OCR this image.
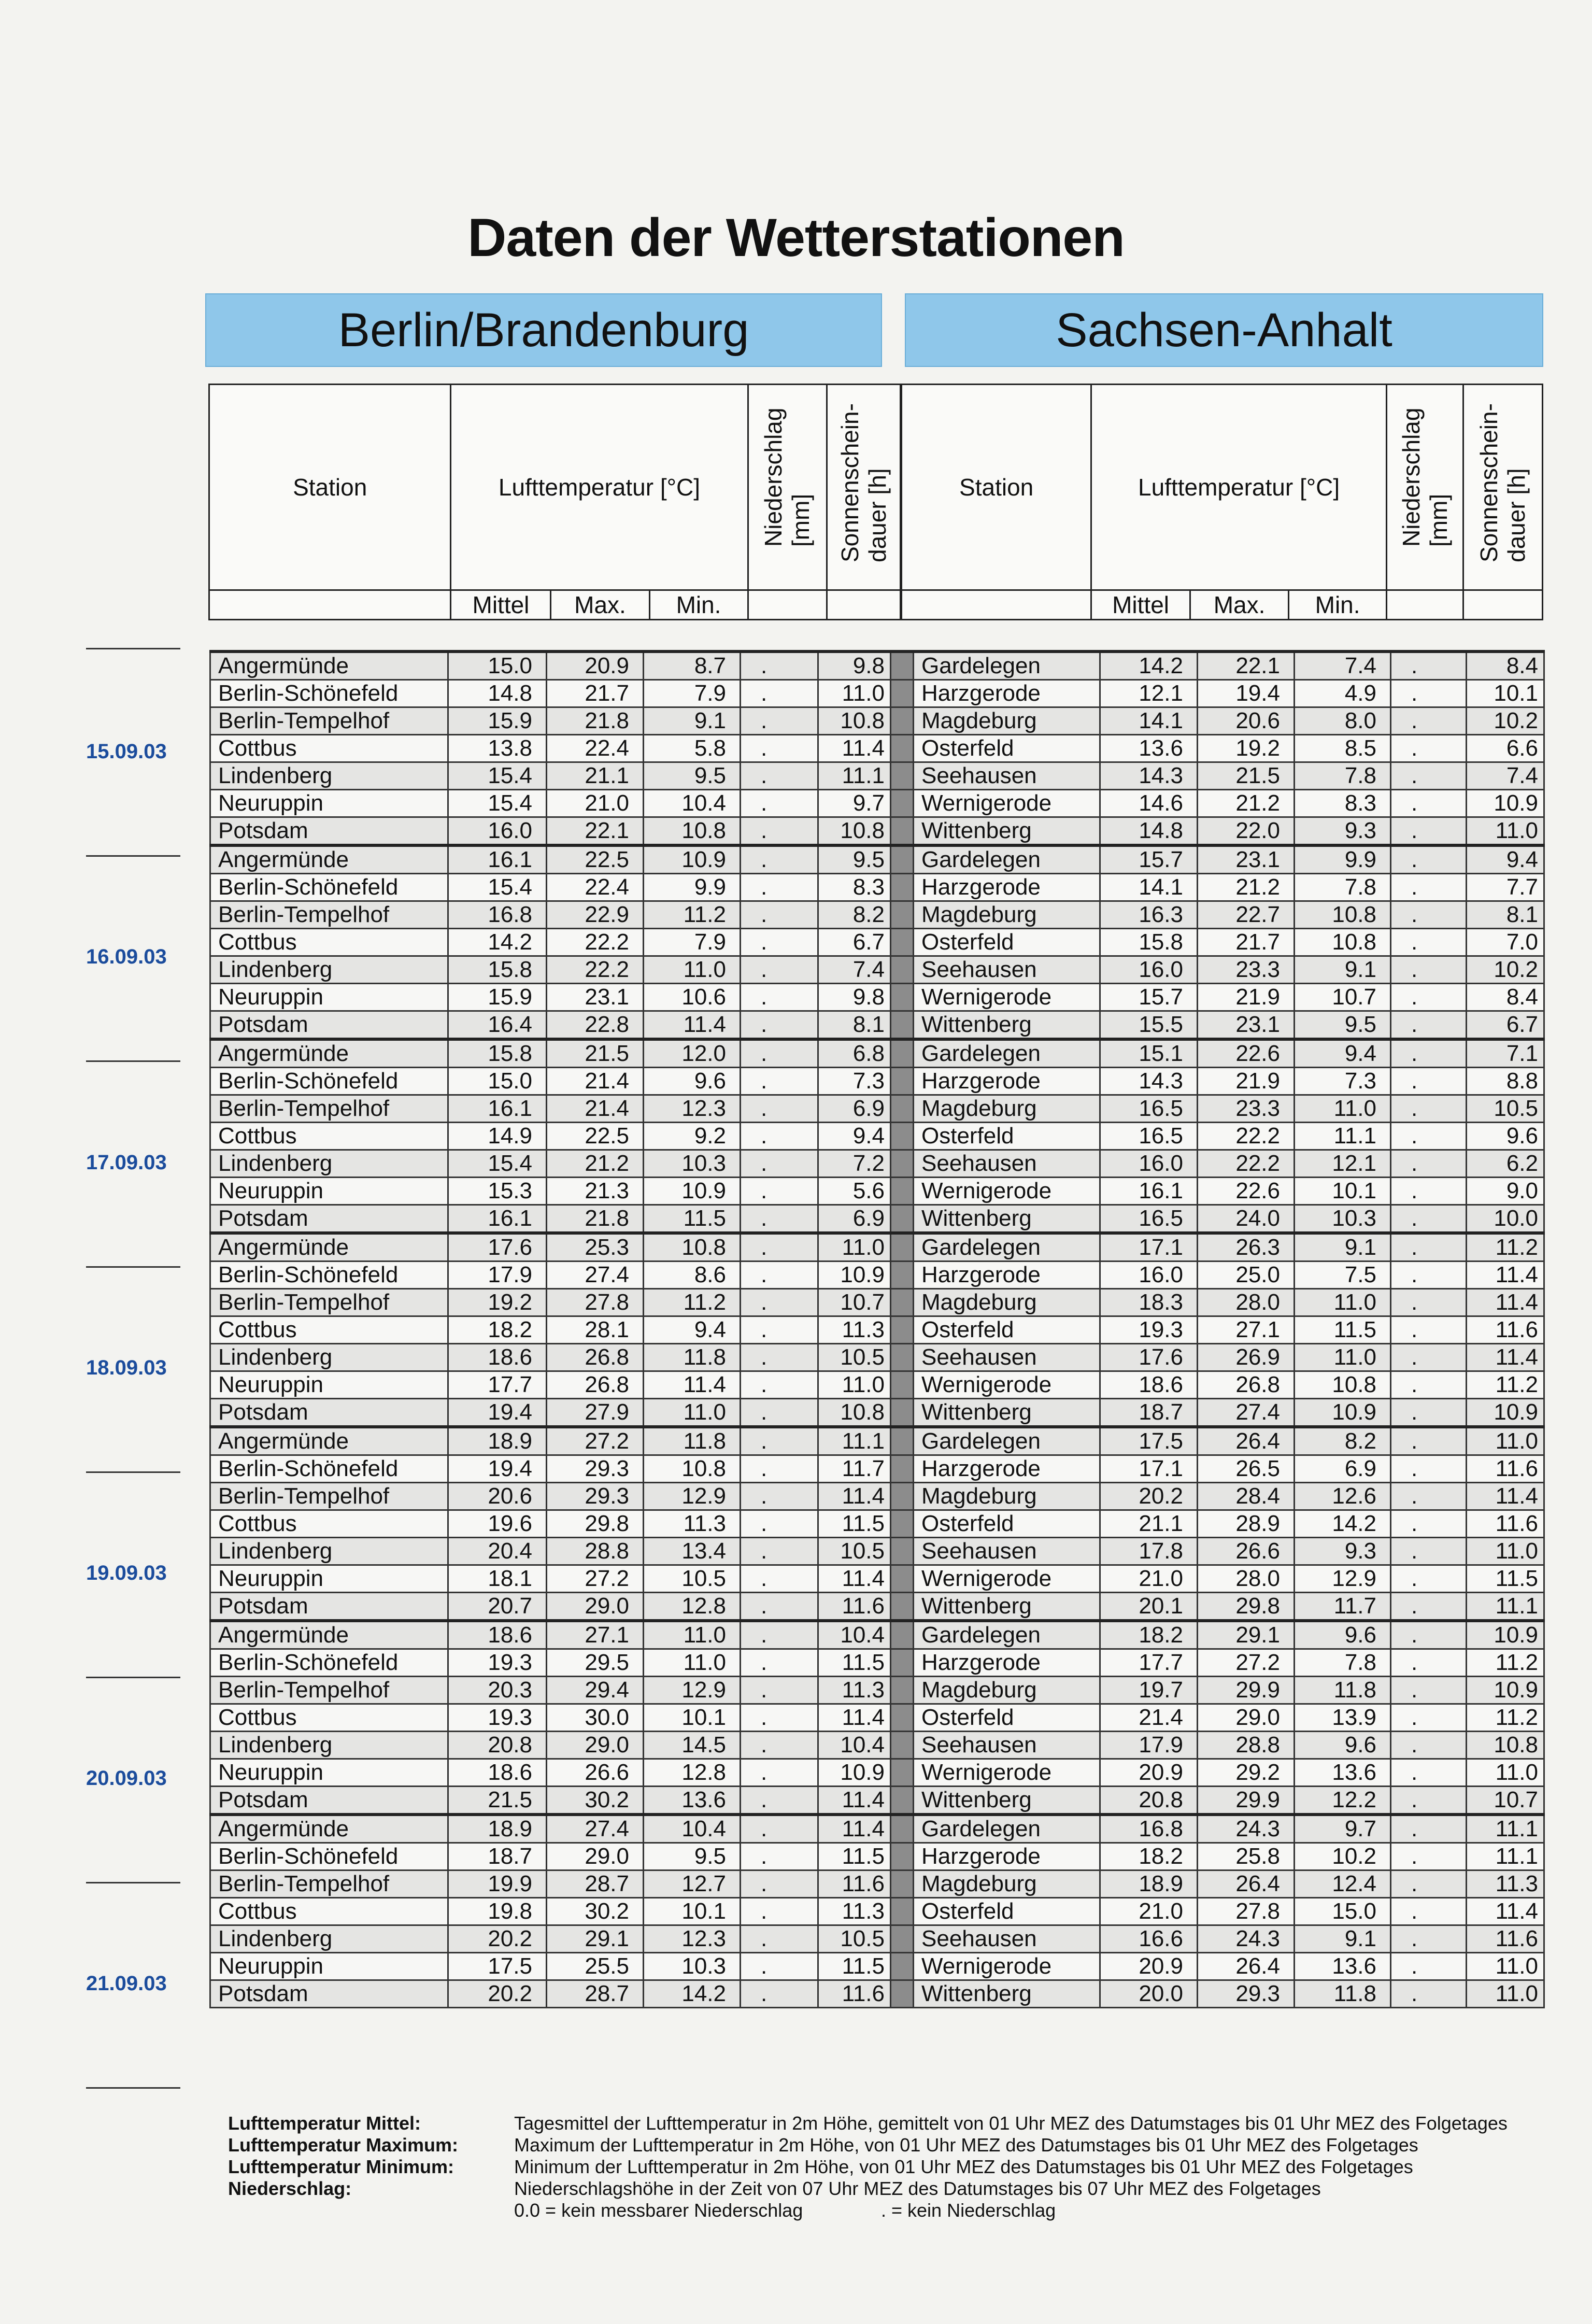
Daten der Wetterstationen
Berlin/Brandenburg	Sachsen-Anhalt
Station	Lufttemperatur [°C]			Niederschlag [mm]	Sonnenschein-dauer [h]		Station	Lufttemperatur [°C]			Niederschlag [mm]	Sonnenschein-dauer [h]

	Mittel	Max.	Min.					Mittel	Max.	Min.		
Angermünde	15.0	20.9	8.7	.	9.8		Gardelegen	14.2	22.1	7.4	.	8.4
Berlin-Schönefeld	14.8	21.7	7.9	.	11.0		Harzgerode	12.1	19.4	4.9	.	10.1
Berlin-Tempelhof	15.9	21.8	9.1	.	10.8		Magdeburg	14.1	20.6	8.0	.	10.2
Cottbus	13.8	22.4	5.8	.	11.4		Osterfeld	13.6	19.2	8.5	.	6.6
Lindenberg	15.4	21.1	9.5	.	11.1		Seehausen	14.3	21.5	7.8	.	7.4
Neuruppin	15.4	21.0	10.4	.	9.7		Wernigerode	14.6	21.2	8.3	.	10.9
Potsdam	16.0	22.1	10.8	.	10.8		Wittenberg	14.8	22.0	9.3	.	11.0
Angermünde	16.1	22.5	10.9	.	9.5		Gardelegen	15.7	23.1	9.9	.	9.4
Berlin-Schönefeld	15.4	22.4	9.9	.	8.3		Harzgerode	14.1	21.2	7.8	.	7.7
Berlin-Tempelhof	16.8	22.9	11.2	.	8.2		Magdeburg	16.3	22.7	10.8	.	8.1
Cottbus	14.2	22.2	7.9	.	6.7		Osterfeld	15.8	21.7	10.8	.	7.0
Lindenberg	15.8	22.2	11.0	.	7.4		Seehausen	16.0	23.3	9.1	.	10.2
Neuruppin	15.9	23.1	10.6	.	9.8		Wernigerode	15.7	21.9	10.7	.	8.4
Potsdam	16.4	22.8	11.4	.	8.1		Wittenberg	15.5	23.1	9.5	.	6.7
Angermünde	15.8	21.5	12.0	.	6.8		Gardelegen	15.1	22.6	9.4	.	7.1
Berlin-Schönefeld	15.0	21.4	9.6	.	7.3		Harzgerode	14.3	21.9	7.3	.	8.8
Berlin-Tempelhof	16.1	21.4	12.3	.	6.9		Magdeburg	16.5	23.3	11.0	.	10.5
Cottbus	14.9	22.5	9.2	.	9.4		Osterfeld	16.5	22.2	11.1	.	9.6
Lindenberg	15.4	21.2	10.3	.	7.2		Seehausen	16.0	22.2	12.1	.	6.2
Neuruppin	15.3	21.3	10.9	.	5.6		Wernigerode	16.1	22.6	10.1	.	9.0
Potsdam	16.1	21.8	11.5	.	6.9		Wittenberg	16.5	24.0	10.3	.	10.0
Angermünde	17.6	25.3	10.8	.	11.0		Gardelegen	17.1	26.3	9.1	.	11.2
Berlin-Schönefeld	17.9	27.4	8.6	.	10.9		Harzgerode	16.0	25.0	7.5	.	11.4
Berlin-Tempelhof	19.2	27.8	11.2	.	10.7		Magdeburg	18.3	28.0	11.0	.	11.4
Cottbus	18.2	28.1	9.4	.	11.3		Osterfeld	19.3	27.1	11.5	.	11.6
Lindenberg	18.6	26.8	11.8	.	10.5		Seehausen	17.6	26.9	11.0	.	11.4
Neuruppin	17.7	26.8	11.4	.	11.0		Wernigerode	18.6	26.8	10.8	.	11.2
Potsdam	19.4	27.9	11.0	.	10.8		Wittenberg	18.7	27.4	10.9	.	10.9
Angermünde	18.9	27.2	11.8	.	11.1		Gardelegen	17.5	26.4	8.2	.	11.0
Berlin-Schönefeld	19.4	29.3	10.8	.	11.7		Harzgerode	17.1	26.5	6.9	.	11.6
Berlin-Tempelhof	20.6	29.3	12.9	.	11.4		Magdeburg	20.2	28.4	12.6	.	11.4
Cottbus	19.6	29.8	11.3	.	11.5		Osterfeld	21.1	28.9	14.2	.	11.6
Lindenberg	20.4	28.8	13.4	.	10.5		Seehausen	17.8	26.6	9.3	.	11.0
Neuruppin	18.1	27.2	10.5	.	11.4		Wernigerode	21.0	28.0	12.9	.	11.5
Potsdam	20.7	29.0	12.8	.	11.6		Wittenberg	20.1	29.8	11.7	.	11.1
Angermünde	18.6	27.1	11.0	.	10.4		Gardelegen	18.2	29.1	9.6	.	10.9
Berlin-Schönefeld	19.3	29.5	11.0	.	11.5		Harzgerode	17.7	27.2	7.8	.	11.2
Berlin-Tempelhof	20.3	29.4	12.9	.	11.3		Magdeburg	19.7	29.9	11.8	.	10.9
Cottbus	19.3	30.0	10.1	.	11.4		Osterfeld	21.4	29.0	13.9	.	11.2
Lindenberg	20.8	29.0	14.5	.	10.4		Seehausen	17.9	28.8	9.6	.	10.8
Neuruppin	18.6	26.6	12.8	.	10.9		Wernigerode	20.9	29.2	13.6	.	11.0
Potsdam	21.5	30.2	13.6	.	11.4		Wittenberg	20.8	29.9	12.2	.	10.7
Angermünde	18.9	27.4	10.4	.	11.4		Gardelegen	16.8	24.3	9.7	.	11.1
Berlin-Schönefeld	18.7	29.0	9.5	.	11.5		Harzgerode	18.2	25.8	10.2	.	11.1
Berlin-Tempelhof	19.9	28.7	12.7	.	11.6		Magdeburg	18.9	26.4	12.4	.	11.3
Cottbus	19.8	30.2	10.1	.	11.3		Osterfeld	21.0	27.8	15.0	.	11.4
Lindenberg	20.2	29.1	12.3	.	10.5		Seehausen	16.6	24.3	9.1	.	11.6
Neuruppin	17.5	25.5	10.3	.	11.5		Wernigerode	20.9	26.4	13.6	.	11.0
Potsdam	20.2	28.7	14.2	.	11.6		Wittenberg	20.0	29.3	11.8	.	11.0
15.09.03
16.09.03
17.09.03
18.09.03
19.09.03
20.09.03
21.09.03
Lufttemperatur Mittel:	Tagesmittel der Lufttemperatur in 2m Höhe, gemittelt von 01 Uhr MEZ des Datumstages bis 01 Uhr MEZ des Folgetages
Lufttemperatur Maximum:	Maximum der Lufttemperatur in 2m Höhe, von 01 Uhr MEZ des Datumstages bis 01 Uhr MEZ des Folgetages
Lufttemperatur Minimum:	Minimum der Lufttemperatur in 2m Höhe, von 01 Uhr MEZ des Datumstages bis 01 Uhr MEZ des Folgetages
Niederschlag:	Niederschlagshöhe in der Zeit von 07 Uhr MEZ des Datumstages bis 07 Uhr MEZ des Folgetages
0.0 = kein messbarer Niederschlag	. = kein Niederschlag
